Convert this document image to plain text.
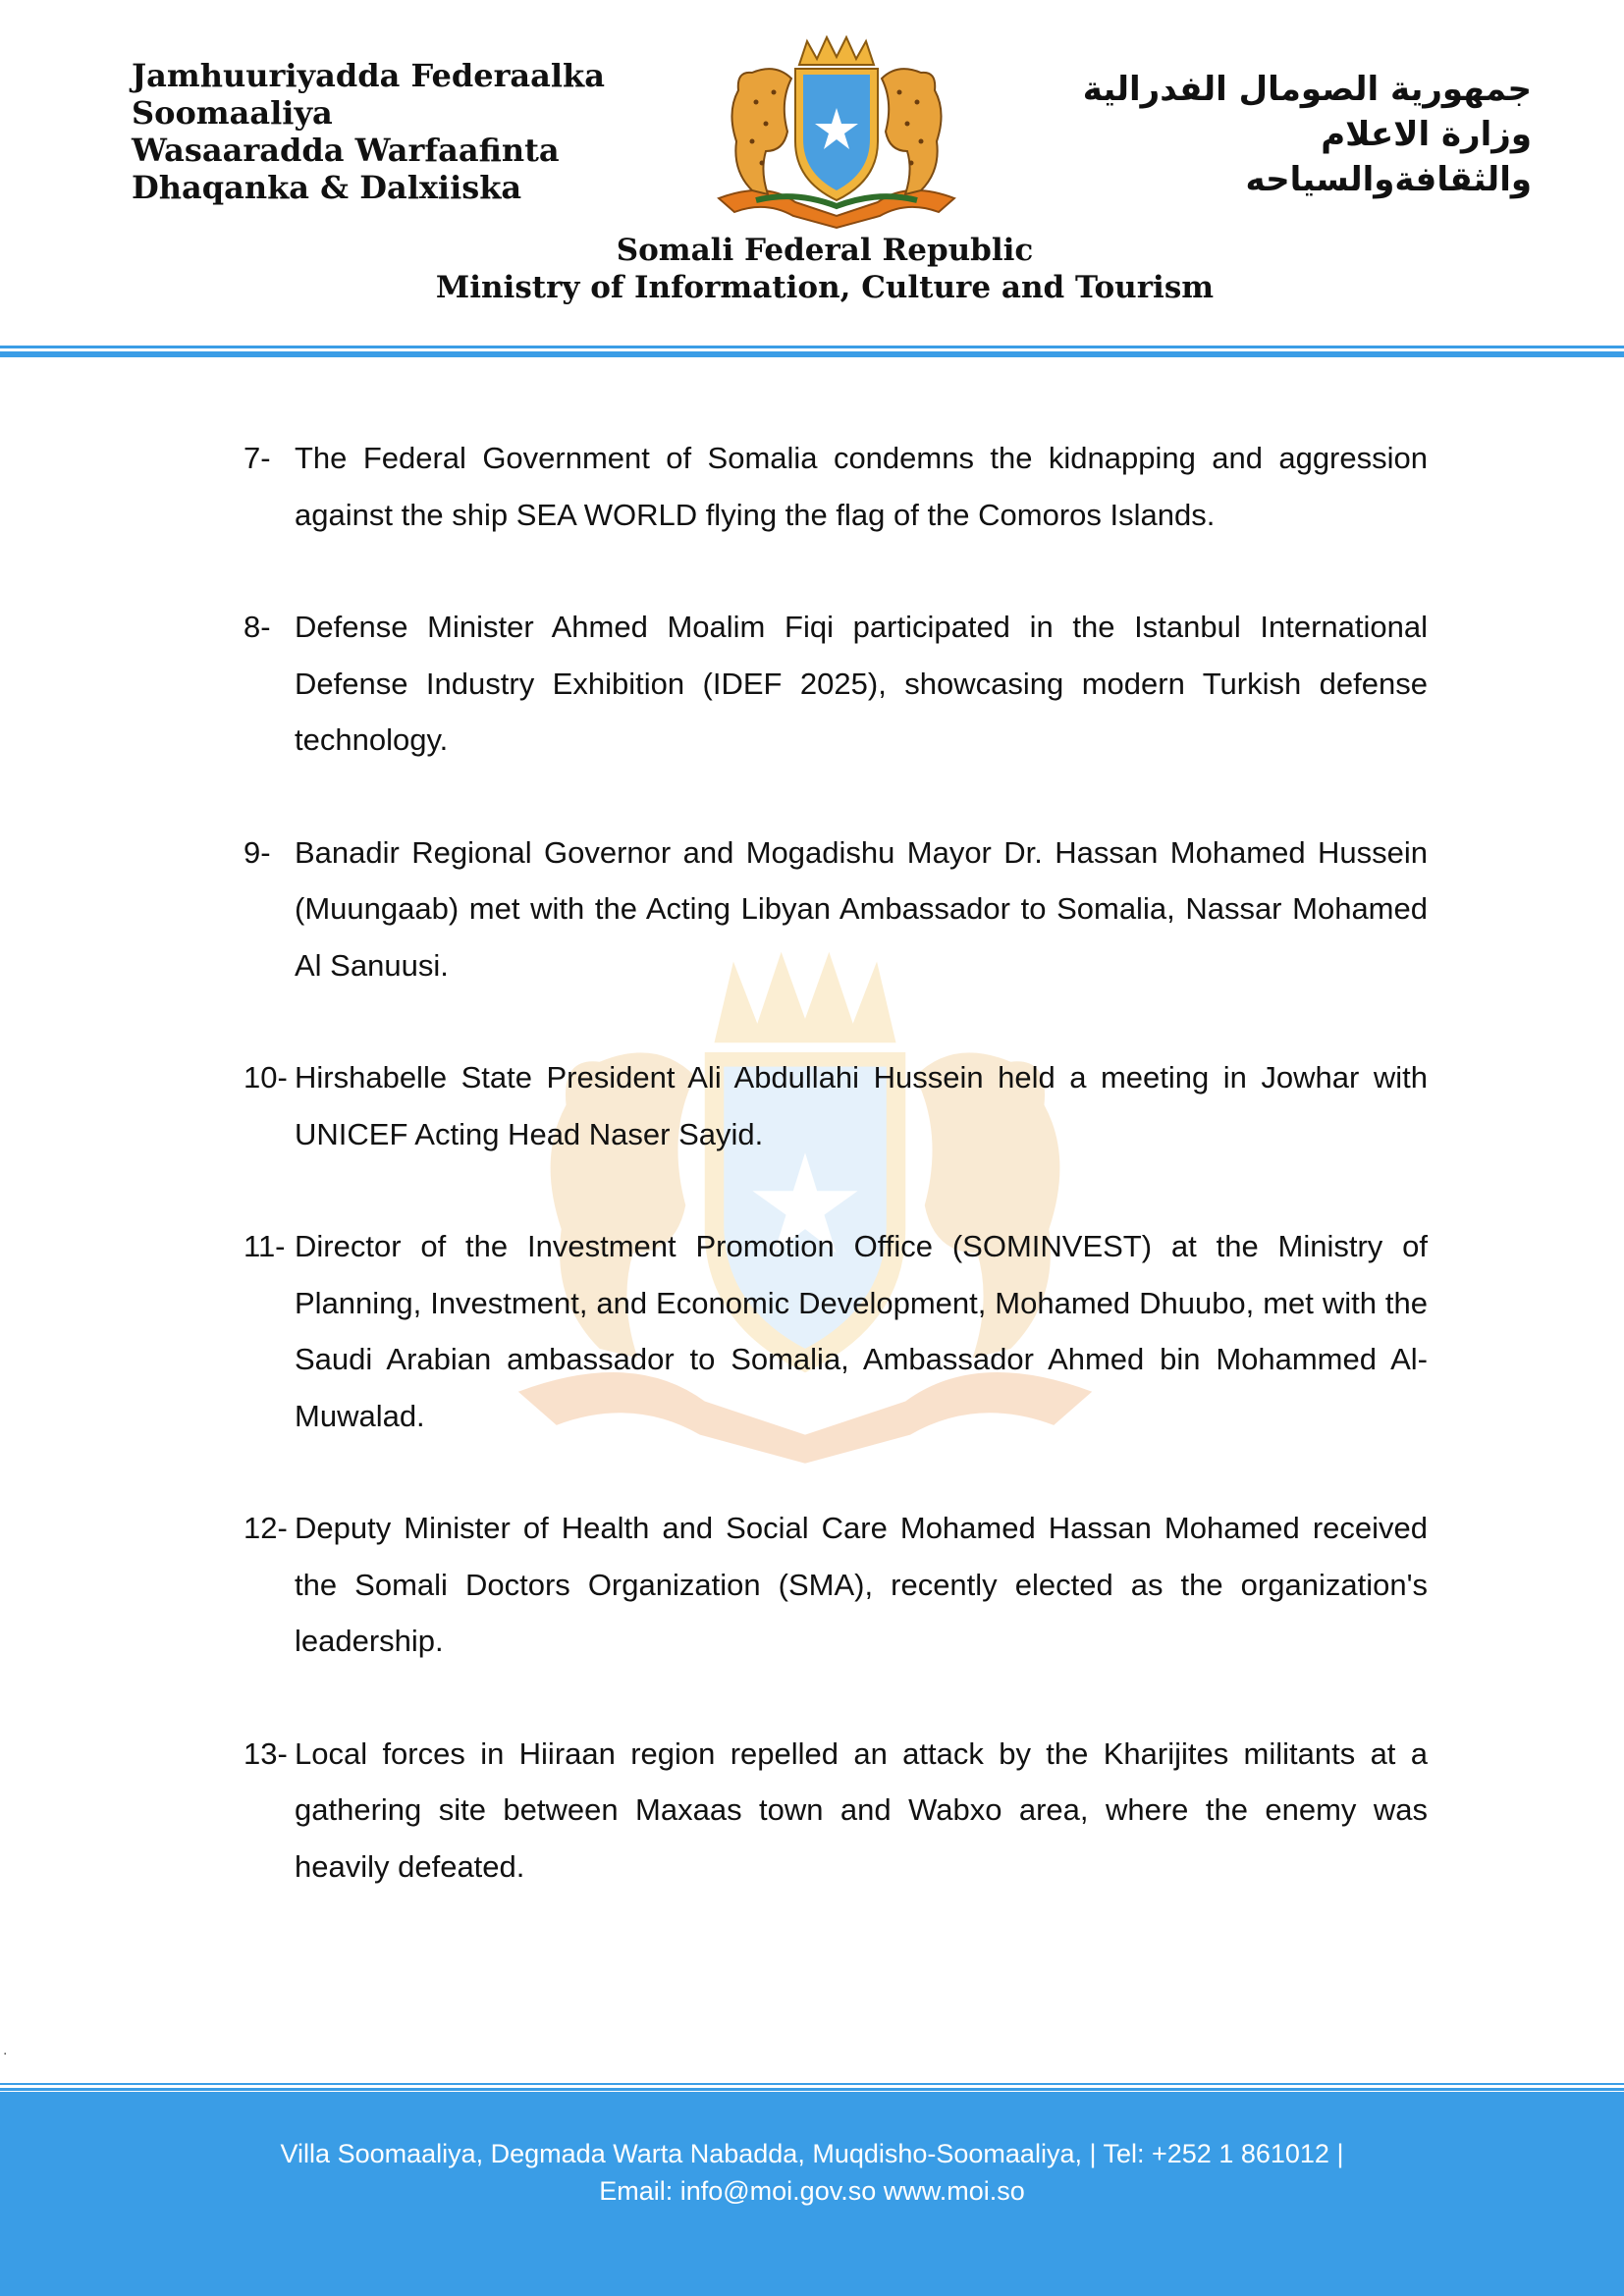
Jamhuuriyadda Federaalka
Soomaaliya
Wasaaradda Warfaafinta
Dhaqanka & Dalxiiska
جمهورية الصومال الفدرالية
وزارة الاعلام
والثقافةوالسياحه
Somali Federal Republic
Ministry of Information, Culture and Tourism
7- The Federal Government of Somalia condemns the kidnapping and aggression against the ship SEA WORLD flying the flag of the Comoros Islands.
8- Defense Minister Ahmed Moalim Fiqi participated in the Istanbul International Defense Industry Exhibition (IDEF 2025), showcasing modern Turkish defense technology.
9- Banadir Regional Governor and Mogadishu Mayor Dr. Hassan Mohamed Hussein (Muungaab) met with the Acting Libyan Ambassador to Somalia, Nassar Mohamed Al Sanuusi.
10- Hirshabelle State President Ali Abdullahi Hussein held a meeting in Jowhar with UNICEF Acting Head Naser Sayid.
11- Director of the Investment Promotion Office (SOMINVEST) at the Ministry of Planning, Investment, and Economic Development, Mohamed Dhuubo, met with the Saudi Arabian ambassador to Somalia, Ambassador Ahmed bin Mohammed Al-Muwalad.
12- Deputy Minister of Health and Social Care Mohamed Hassan Mohamed received the Somali Doctors Organization (SMA), recently elected as the organization's leadership.
13- Local forces in Hiiraan region repelled an attack by the Kharijites militants at a gathering site between Maxaas town and Wabxo area, where the enemy was heavily defeated.
.
Villa Soomaaliya, Degmada Warta Nabadda, Muqdisho-Soomaaliya, | Tel: +252 1 861012 |
Email: info@moi.gov.so www.moi.so
